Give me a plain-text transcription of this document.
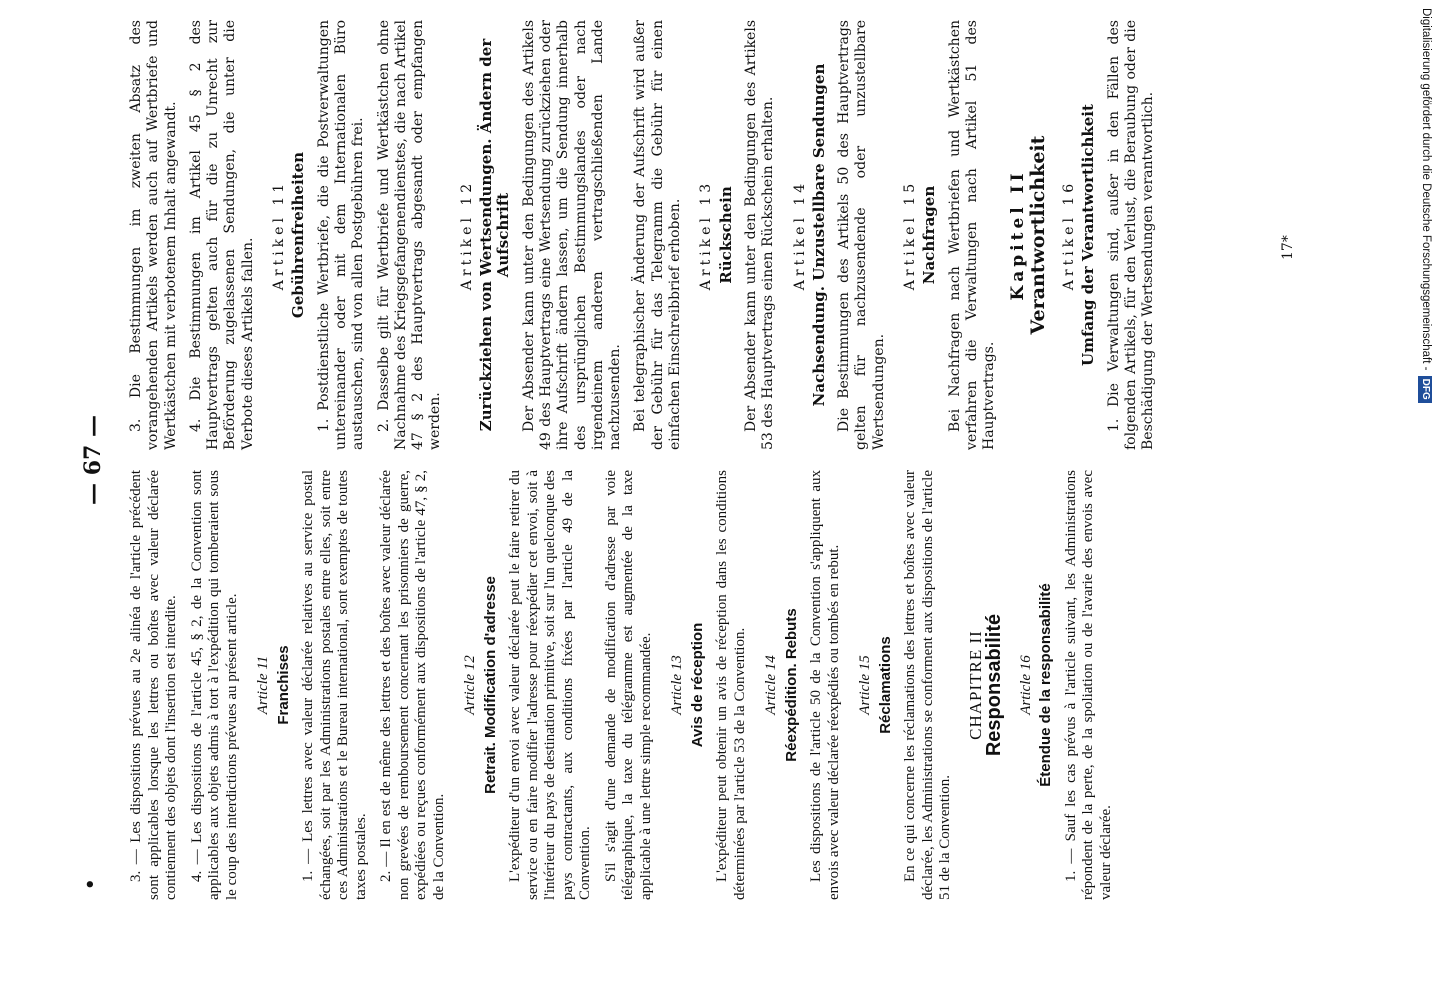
•
— 67 —

3. — Les dispositions prévues au 2e alinéa de l'article précédent sont applicables lorsque les lettres ou boîtes avec valeur déclarée contiennent des objets dont l'insertion est interdite. 4. — Les dispositions de l'article 45, § 2, de la Convention sont applicables aux objets admis à tort à l'expédition qui tomberaient sous le coup des interdictions prévues au présent article. Article 11 Franchises 1. — Les lettres avec valeur déclarée relatives au service postal échangées, soit par les Administrations postales entre elles, soit entre ces Administrations et le Bureau international, sont exemptes de toutes taxes postales. 2. — Il en est de même des lettres et des boîtes avec valeur déclarée non grevées de remboursement concernant les prisonniers de guerre, expédiées ou reçues conformément aux dispositions de l'article 47, § 2, de la Convention.

Article 12 Retrait. Modification d'adresse L'expéditeur d'un envoi avec valeur déclarée peut le faire retirer du service ou en faire modifier l'adresse pour réexpédier cet envoi, soit à l'intérieur du pays de destination primitive, soit sur l'un quelconque des pays contractants, aux conditions fixées par l'article 49 de la Convention. S'il s'agit d'une demande de modification d'adresse par voie télégraphique, la taxe du télégramme est augmentée de la taxe applicable à une lettre simple recommandée. Article 13 Avis de réception L'expéditeur peut obtenir un avis de réception dans les conditions déterminées par l'article 53 de la Convention. Article 14 Réexpédition. Rebuts Les dispositions de l'article 50 de la Convention s'appliquent aux envois avec valeur déclarée réexpédiés ou tombés en rebut. Article 15 Réclamations En ce qui concerne les réclamations des lettres et boîtes avec valeur déclarée, les Administrations se conforment aux dispositions de l'article 51 de la Convention.

CHAPITRE II

Responsabilité Article 16 Étendue de la responsabilité 1. — Sauf les cas prévus à l'article suivant, les Administrations répondent de la perte, de la spoliation ou de l'avarie des envois avec valeur déclarée.

3. Die Bestimmungen im zweiten Absatz des vorangehenden Artikels werden auch auf Wertbriefe und Wertkästchen mit verbotenem Inhalt angewandt. 4. Die Bestimmungen im Artikel 45 § 2 des Hauptvertrags gelten auch für die zu Unrecht zur Beförderung zugelassenen Sendungen, die unter die Verbote dieses Artikels fallen.

Artikel 11 Gebührenfreiheiten 1. Postdienstliche Wertbriefe, die die Postverwaltungen untereinander oder mit dem Internationalen Büro austauschen, sind von allen Postgebühren frei. 2. Dasselbe gilt für Wertbriefe und Wertkästchen ohne Nachnahme des Kriegsgefangenendienstes, die nach Artikel 47 § 2 des Hauptvertrags abgesandt oder empfangen werden.

Artikel 12 Zurückziehen von Wertsendungen. Ändern der Aufschrift Der Absender kann unter den Bedingungen des Artikels 49 des Hauptvertrags eine Wertsendung zurückziehen oder ihre Aufschrift ändern lassen, um die Sendung innerhalb des ursprünglichen Bestimmungslandes oder nach irgendeinem anderen vertragschließenden Lande nachzusenden. Bei telegraphischer Änderung der Aufschrift wird außer der Gebühr für das Telegramm die Gebühr für einen einfachen Einschreibbrief erhoben. Artikel 13 Rückschein Der Absender kann unter den Bedingungen des Artikels 53 des Hauptvertrags einen Rückschein erhalten. Artikel 14 Nachsendung. Unzustellbare Sendungen Die Bestimmungen des Artikels 50 des Hauptvertrags gelten für nachzusendende oder unzustellbare Wertsendungen.

Artikel 15 Nachfragen Bei Nachfragen nach Wertbriefen und Wertkästchen verfahren die Verwaltungen nach Artikel 51 des Hauptvertrags.

Kapitel II

Verantwortlichkeit Artikel 16 Umfang der Verantwortlichkeit 1. Die Verwaltungen sind, außer in den Fällen des folgenden Artikels, für den Verlust, die Beraubung oder die Beschädigung der Wertsendungen verantwortlich.	17*	Digitalisierung gefördert durch die Deutsche Forschungsgemeinschaft - DFG
